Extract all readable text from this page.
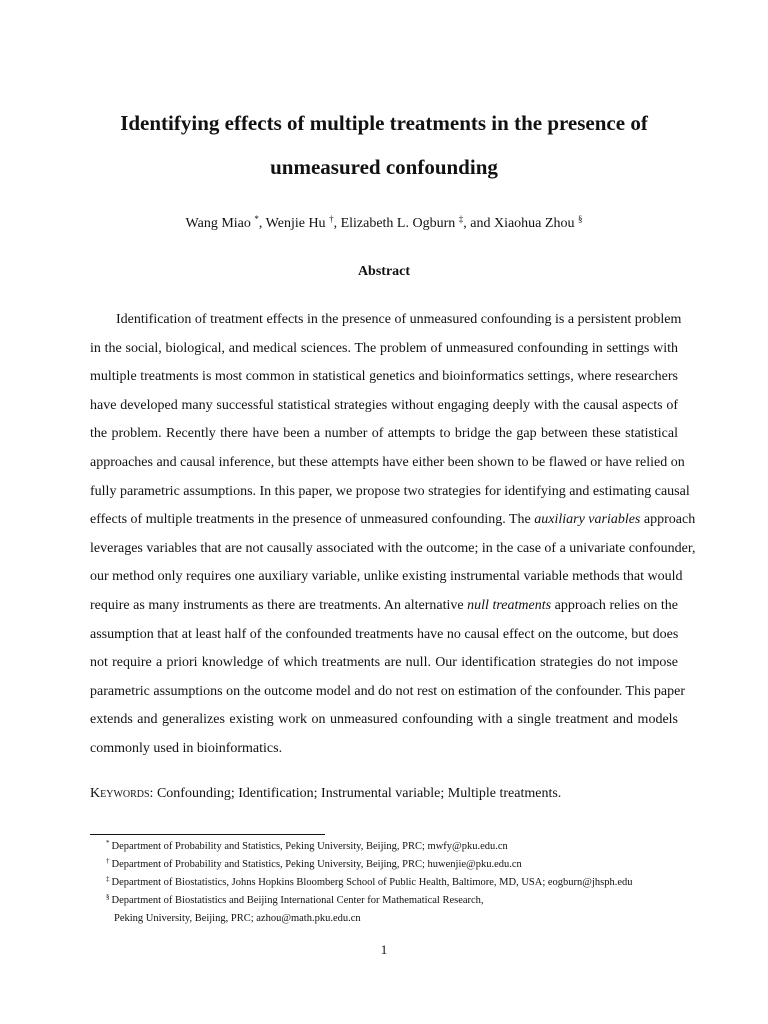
Identifying effects of multiple treatments in the presence of
unmeasured confounding
Wang Miao *, Wenjie Hu †, Elizabeth L. Ogburn ‡, and Xiaohua Zhou §
Abstract
Identification of treatment effects in the presence of unmeasured confounding is a persistent problem
in the social, biological, and medical sciences. The problem of unmeasured confounding in settings with
multiple treatments is most common in statistical genetics and bioinformatics settings, where researchers
have developed many successful statistical strategies without engaging deeply with the causal aspects of
the problem. Recently there have been a number of attempts to bridge the gap between these statistical
approaches and causal inference, but these attempts have either been shown to be flawed or have relied on
fully parametric assumptions. In this paper, we propose two strategies for identifying and estimating causal
effects of multiple treatments in the presence of unmeasured confounding. The auxiliary variables approach
leverages variables that are not causally associated with the outcome; in the case of a univariate confounder,
our method only requires one auxiliary variable, unlike existing instrumental variable methods that would
require as many instruments as there are treatments. An alternative null treatments approach relies on the
assumption that at least half of the confounded treatments have no causal effect on the outcome, but does
not require a priori knowledge of which treatments are null. Our identification strategies do not impose
parametric assumptions on the outcome model and do not rest on estimation of the confounder. This paper
extends and generalizes existing work on unmeasured confounding with a single treatment and models
commonly used in bioinformatics.
Keywords: Confounding; Identification; Instrumental variable; Multiple treatments.
* Department of Probability and Statistics, Peking University, Beijing, PRC; mwfy@pku.edu.cn
† Department of Probability and Statistics, Peking University, Beijing, PRC; huwenjie@pku.edu.cn
‡ Department of Biostatistics, Johns Hopkins Bloomberg School of Public Health, Baltimore, MD, USA; eogburn@jhsph.edu
§ Department of Biostatistics and Beijing International Center for Mathematical Research,
Peking University, Beijing, PRC; azhou@math.pku.edu.cn
1
